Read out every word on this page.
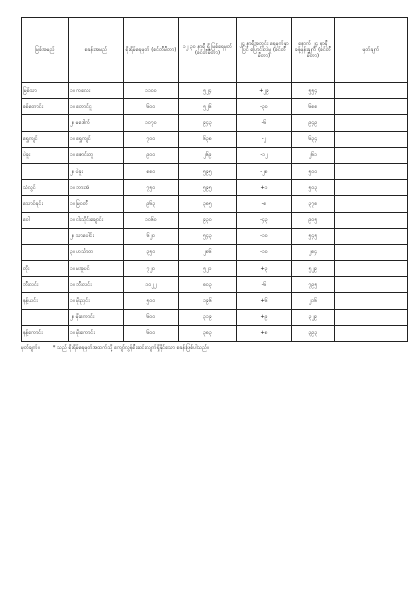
မြစ်အမည်	စခန်းအမည်	စိုးရိမ်ရေမှတ် (စင်တီမီတာ)	၁၂ ၃၀ နာရီ ရှိ မြစ်ရေမှတ် (စင်တီမီတာ)	၂၄ နာရီအတွင်း ရေမှက်နှာပြင် ပြောင်းလဲမှု (စင်တီမီတာ)	နောက် ၂၄ နာရီ ခန့်မှန်းချက် (စင်တီမီတာ)	မှတ်ချက်
မြစ်သာ	၁။ ကလေး	၁၁၀၀	၅၂၄	+၂၉	၅၅၄	
စစ်တောင်း	၁။ တောင်ငူ	၆၀၀	၅၂၆	-၃၀	၆၈၈	
	၂။ မဒေါက်	၁၀၇၀	၉၄၃	-၆	၉၄၉	
ရွှေကျင်	၁။ ရွှေကျင်	၇၀၀	၆၃၈	-၂	၆၃၄	
ပဲခူး	၁။ ဇောင်းတူ	၉၀၀	၂၆၉	-၁၂	၂၆၁	
	၂။ ပဲခူး	၈၈၀	၅၉၅	-၂၈	၅၀၀	
သံလွင်	၁။ ဘားအံ	၇၅၀	၅၉၅	+၁	၅၀၃	
သောင်ရင်း	၁။ မြဝတီ	၉၆၃	၃၈၅	-၈	၃၇၈	
ဝေါ	၁။ ငါးသိုင်းချောင်း	၁၀၆၀	၉၃၀	-၄၃	၉၀၅	
	၂။ သာပေါင်း	၆၂၀	၅၄၃	-၁၀	၅၄၅	
	၃။ ဟင်္သာတ	၃၅၀	၂၈၆	-၁၀	၂၈၄	
တိုး	၁။ မအူပင်	၇၂၀	၅၂၁	+၃	၅၂၉	
ဘီးလင်း	၁။ ဘီးလင်း	၁၀၂၂	၈၀၃	-၆	၇၉၅	
နန့်ယင်း	၁။ မိုးညှင်း	၅၀၀	၁၉၆	+၆	၂၁၆	
	၂။ မိုးကောင်း	၆၀၀	၃၁၉	+၉	၃၂၉	
နန့်ကောင်း	၁။ မိုးကောင်း	၆၀၀	၃၈၃	+၈	၃၉၃	
မှတ်ချက်။	* သည် စိုးရိမ်ရေမှတ်အထက်သို့ ကျော်လွန်စီးဆင်းလျက်ရှိနိုင်သော စခန်းဖြစ်ပါသည်။
